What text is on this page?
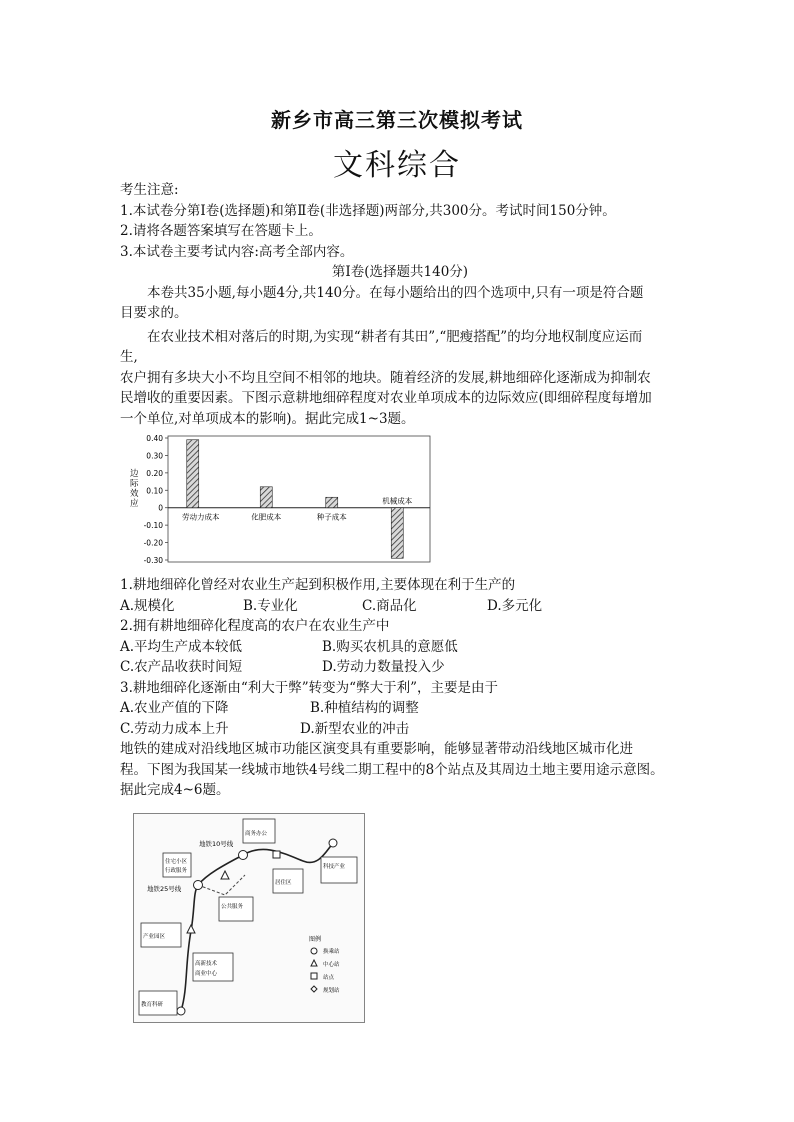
新乡市高三第三次模拟考试
文科综合

考生注意:

1.本试卷分第Ⅰ卷(选择题)和第Ⅱ卷(非选择题)两部分,共300分。考试时间150分钟。

2.请将各题答案填写在答题卡上。

3.本试卷主要考试内容:高考全部内容。

第Ⅰ卷(选择题共140分)

本卷共35小题,每小题4分,共140分。在每小题给出的四个选项中,只有一项是符合题

目要求的。

在农业技术相对落后的时期,为实现“耕者有其田”,“肥瘦搭配”的均分地权制度应运而

生,

农户拥有多块大小不均且空间不相邻的地块。随着经济的发展,耕地细碎化逐渐成为抑制农

民增收的重要因素。下图示意耕地细碎程度对农业单项成本的边际效应(即细碎程度每增加

一个单位,对单项成本的影响)。据此完成1~3题。

0.40
0.30
0.20
0.10
0
-0.10
-0.20
-0.30
劳动力成本	化肥成本	种子成本
机械成本
边际效应

1.耕地细碎化曾经对农业生产起到积极作用,主要体现在利于生产的

A.规模化	B.专业化	C.商品化	D.多元化

2.拥有耕地细碎化程度高的农户在农业生产中

A.平均生产成本较低	B.购买农机具的意愿低
C.农产品收获时间短	D.劳动力数量投入少

3.耕地细碎化逐渐由“利大于弊”转变为“弊大于利”，主要是由于

A.农业产值的下降	B.种植结构的调整
C.劳动力成本上升	D.新型农业的冲击

地铁的建成对沿线地区城市功能区演变具有重要影响，能够显著带动沿线地区城市化进

程。下图为我国某一线城市地铁4号线二期工程中的8个站点及其周边土地主要用途示意图。

据此完成4~6题。

地铁10号线
地铁25号线
商务办公
住宅小区
行政服务
科技产业
居住区
公共服务
产业园区
高新技术
商业中心
教育科研
图例
换乘站
中心站
站点
规划站
